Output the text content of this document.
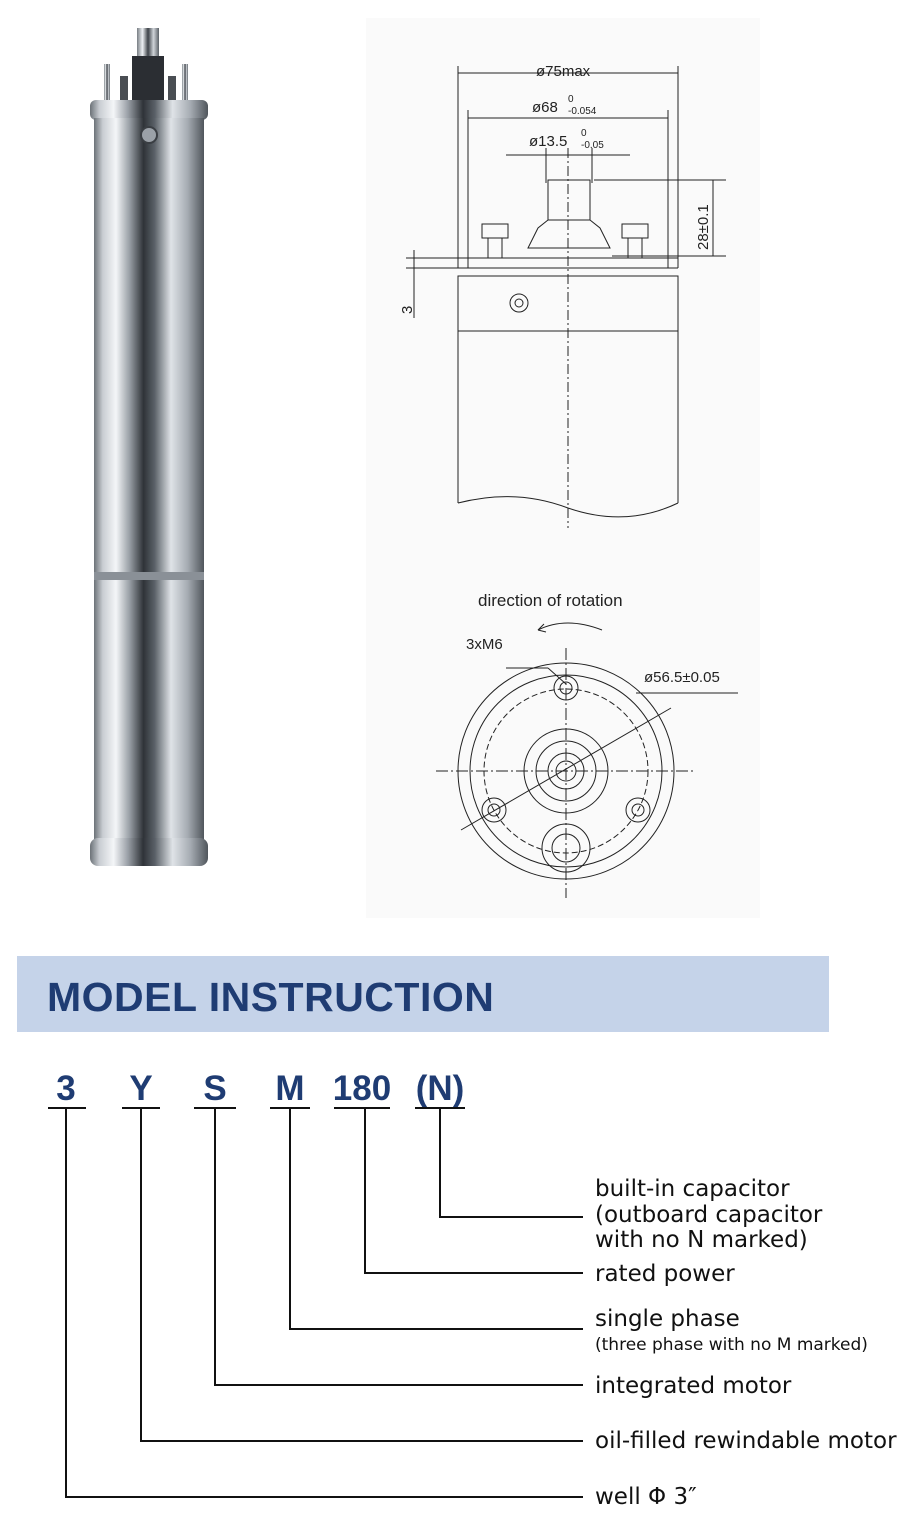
ø75max
ø68 0
-0.054
ø13.5 0
-0.05
28±0.1
3
direction of rotation
3xM6
ø56.5±0.05
MODEL INSTRUCTION
3 Y S M 180 (N)
built-in capacitor
(outboard capacitor
with no N marked)
rated power
single phase
(three phase with no M marked)
integrated motor
oil-filled rewindable motor
well Φ 3″
